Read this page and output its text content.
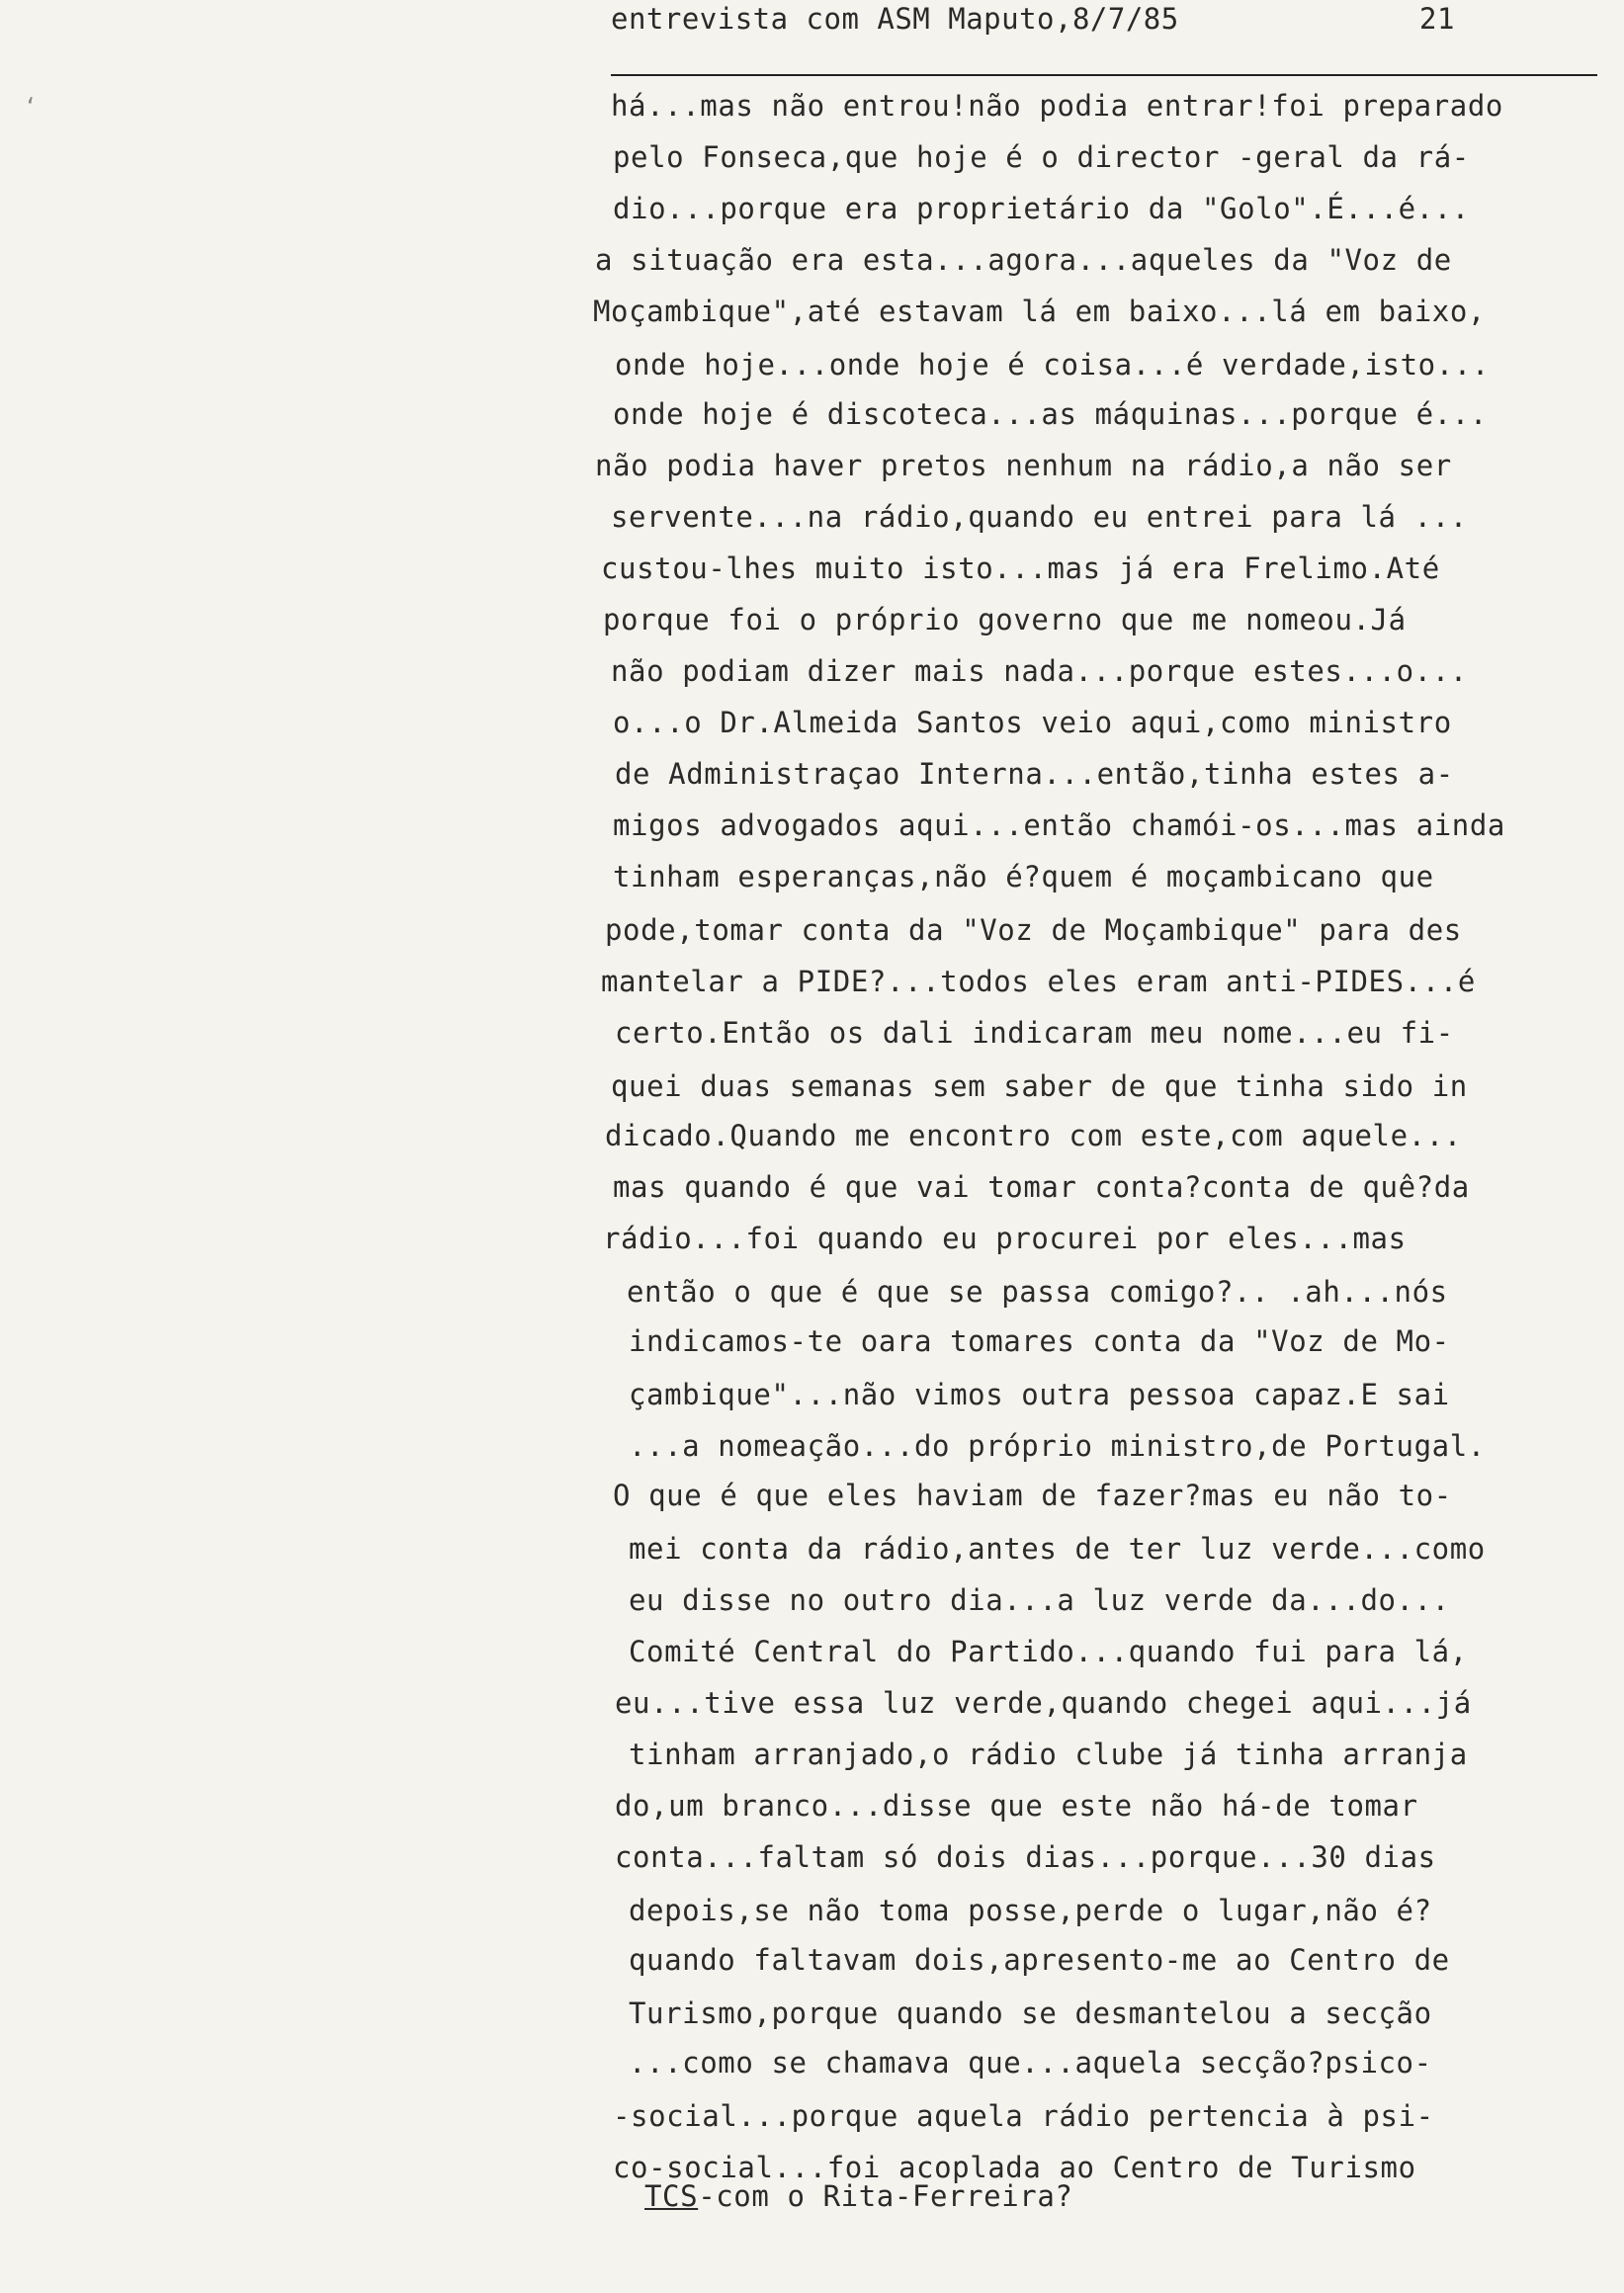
ʻ
entrevista com ASM Maputo,8/7/85	21
há...mas não entrou!não podia entrar!foi preparado
pelo Fonseca,que hoje é o director -geral da rá-
dio...porque era proprietário da "Golo".É...é...
a situação era esta...agora...aqueles da "Voz de
Moçambique",até estavam lá em baixo...lá em baixo,
onde hoje...onde hoje é coisa...é verdade,isto...
onde hoje é discoteca...as máquinas...porque é...
não podia haver pretos nenhum na rádio,a não ser
servente...na rádio,quando eu entrei para lá ...
custou-lhes muito isto...mas já era Frelimo.Até
porque foi o próprio governo que me nomeou.Já
não podiam dizer mais nada...porque estes...o...
o...o Dr.Almeida Santos veio aqui,como ministro
de Administraçao Interna...então,tinha estes a-
migos advogados aqui...então chamói-os...mas ainda
tinham esperanças,não é?quem é moçambicano que
pode,tomar conta da "Voz de Moçambique" para des
mantelar a PIDE?...todos eles eram anti-PIDES...é
certo.Então os dali indicaram meu nome...eu fi-
quei duas semanas sem saber de que tinha sido in
dicado.Quando me encontro com este,com aquele...
mas quando é que vai tomar conta?conta de quê?da
rádio...foi quando eu procurei por eles...mas
então o que é que se passa comigo?.. .ah...nós
indicamos-te oara tomares conta da "Voz de Mo-
çambique"...não vimos outra pessoa capaz.E sai
...a nomeação...do próprio ministro,de Portugal.
O que é que eles haviam de fazer?mas eu não to-
mei conta da rádio,antes de ter luz verde...como
eu disse no outro dia...a luz verde da...do...
Comité Central do Partido...quando fui para lá,
eu...tive essa luz verde,quando chegei aqui...já
tinham arranjado,o rádio clube já tinha arranja
do,um branco...disse que este não há-de tomar
conta...faltam só dois dias...porque...30 dias
depois,se não toma posse,perde o lugar,não é?
quando faltavam dois,apresento-me ao Centro de
Turismo,porque quando se desmantelou a secção
...como se chamava que...aquela secção?psico-
-social...porque aquela rádio pertencia à psi-
co-social...foi acoplada ao Centro de Turismo
TCS-com o Rita-Ferreira?
